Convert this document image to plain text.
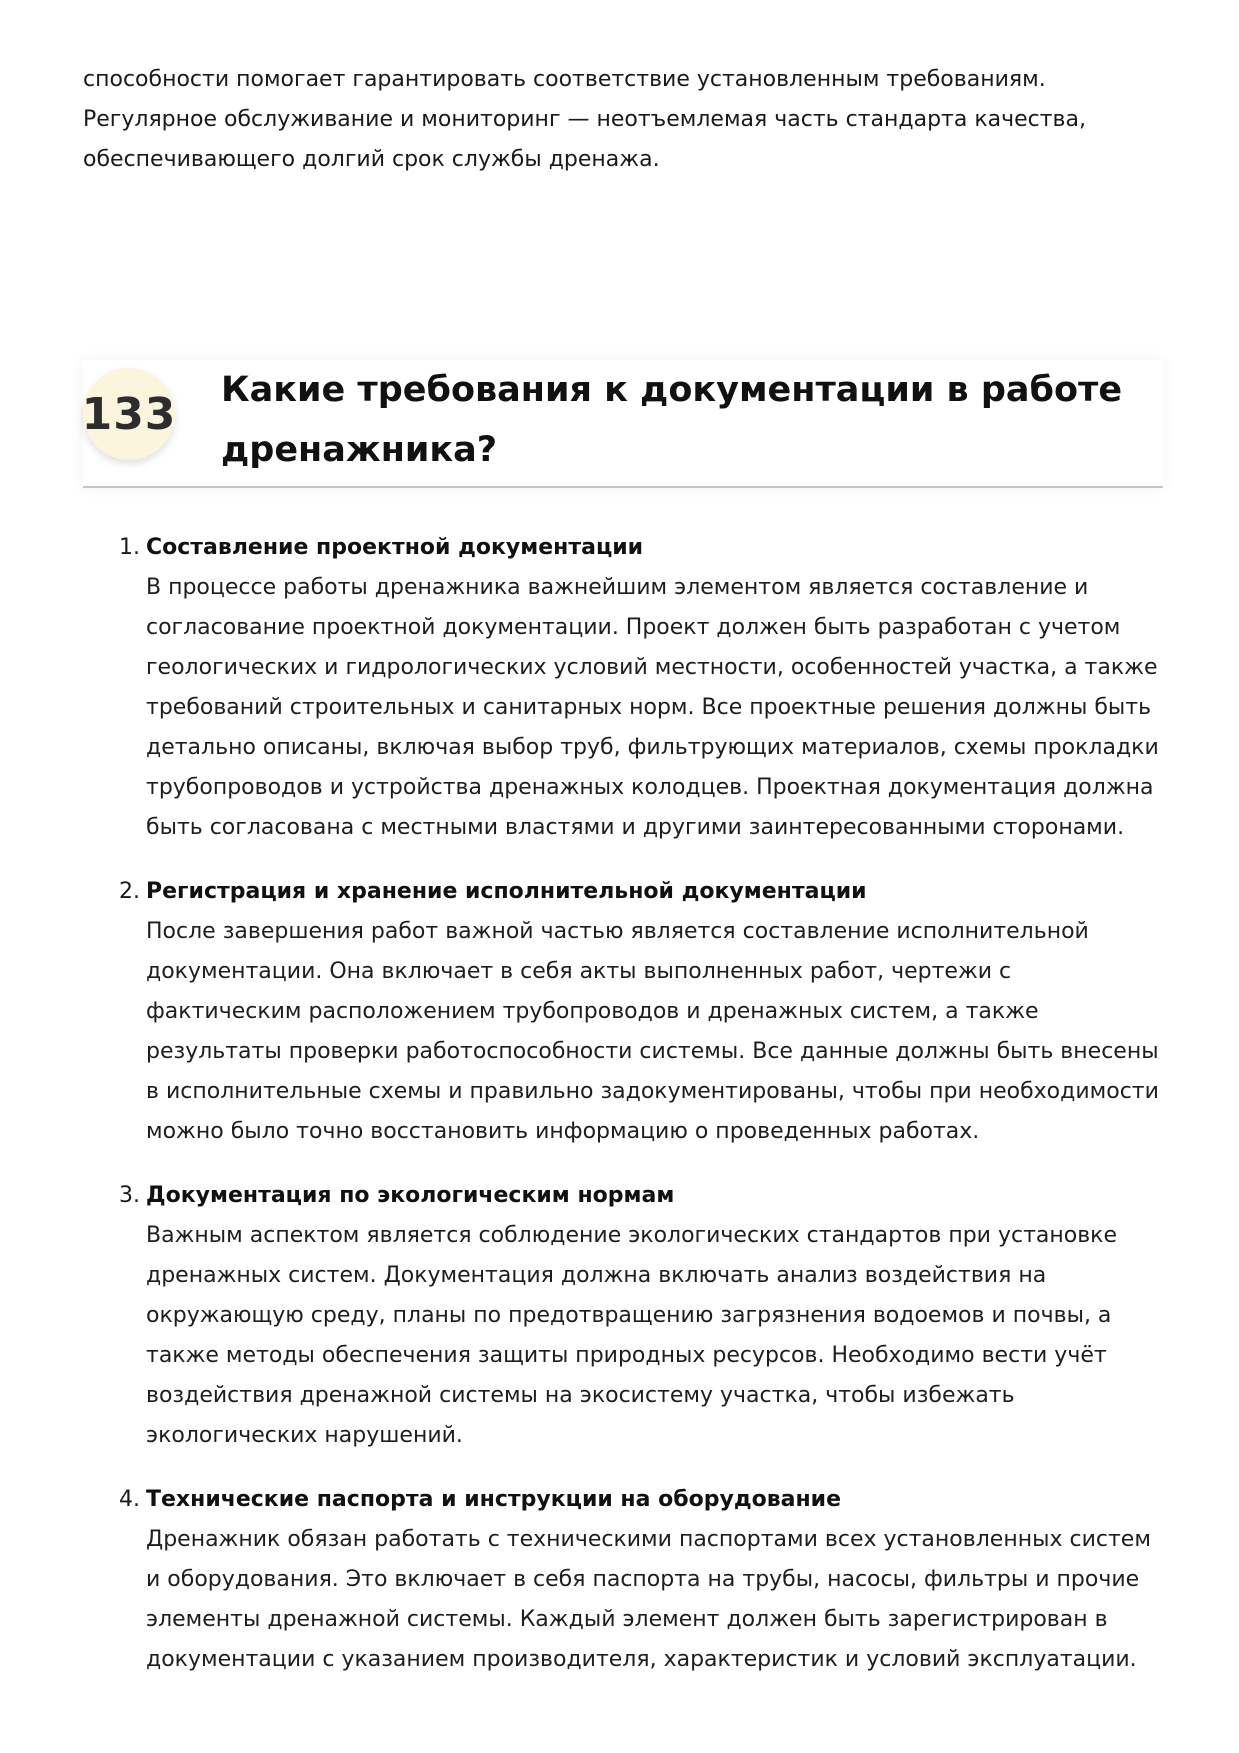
способности помогает гарантировать соответствие установленным требованиям. Регулярное обслуживание и мониторинг — неотъемлемая часть стандарта качества, обеспечивающего долгий срок службы дренажа.

133 Какие требования к документации в работе дренажника?
1. Составление проектной документации
В процессе работы дренажника важнейшим элементом является составление и согласование проектной документации. Проект должен быть разработан с учетом геологических и гидрологических условий местности, особенностей участка, а также требований строительных и санитарных норм. Все проектные решения должны быть детально описаны, включая выбор труб, фильтрующих материалов, схемы прокладки трубопроводов и устройства дренажных колодцев. Проектная документация должна быть согласована с местными властями и другими заинтересованными сторонами.
2. Регистрация и хранение исполнительной документации
После завершения работ важной частью является составление исполнительной документации. Она включает в себя акты выполненных работ, чертежи с фактическим расположением трубопроводов и дренажных систем, а также результаты проверки работоспособности системы. Все данные должны быть внесены в исполнительные схемы и правильно задокументированы, чтобы при необходимости можно было точно восстановить информацию о проведенных работах.
3. Документация по экологическим нормам
Важным аспектом является соблюдение экологических стандартов при установке дренажных систем. Документация должна включать анализ воздействия на окружающую среду, планы по предотвращению загрязнения водоемов и почвы, а также методы обеспечения защиты природных ресурсов. Необходимо вести учёт воздействия дренажной системы на экосистему участка, чтобы избежать экологических нарушений.
4. Технические паспорта и инструкции на оборудование
Дренажник обязан работать с техническими паспортами всех установленных систем и оборудования. Это включает в себя паспорта на трубы, насосы, фильтры и прочие элементы дренажной системы. Каждый элемент должен быть зарегистрирован в документации с указанием производителя, характеристик и условий эксплуатации.
